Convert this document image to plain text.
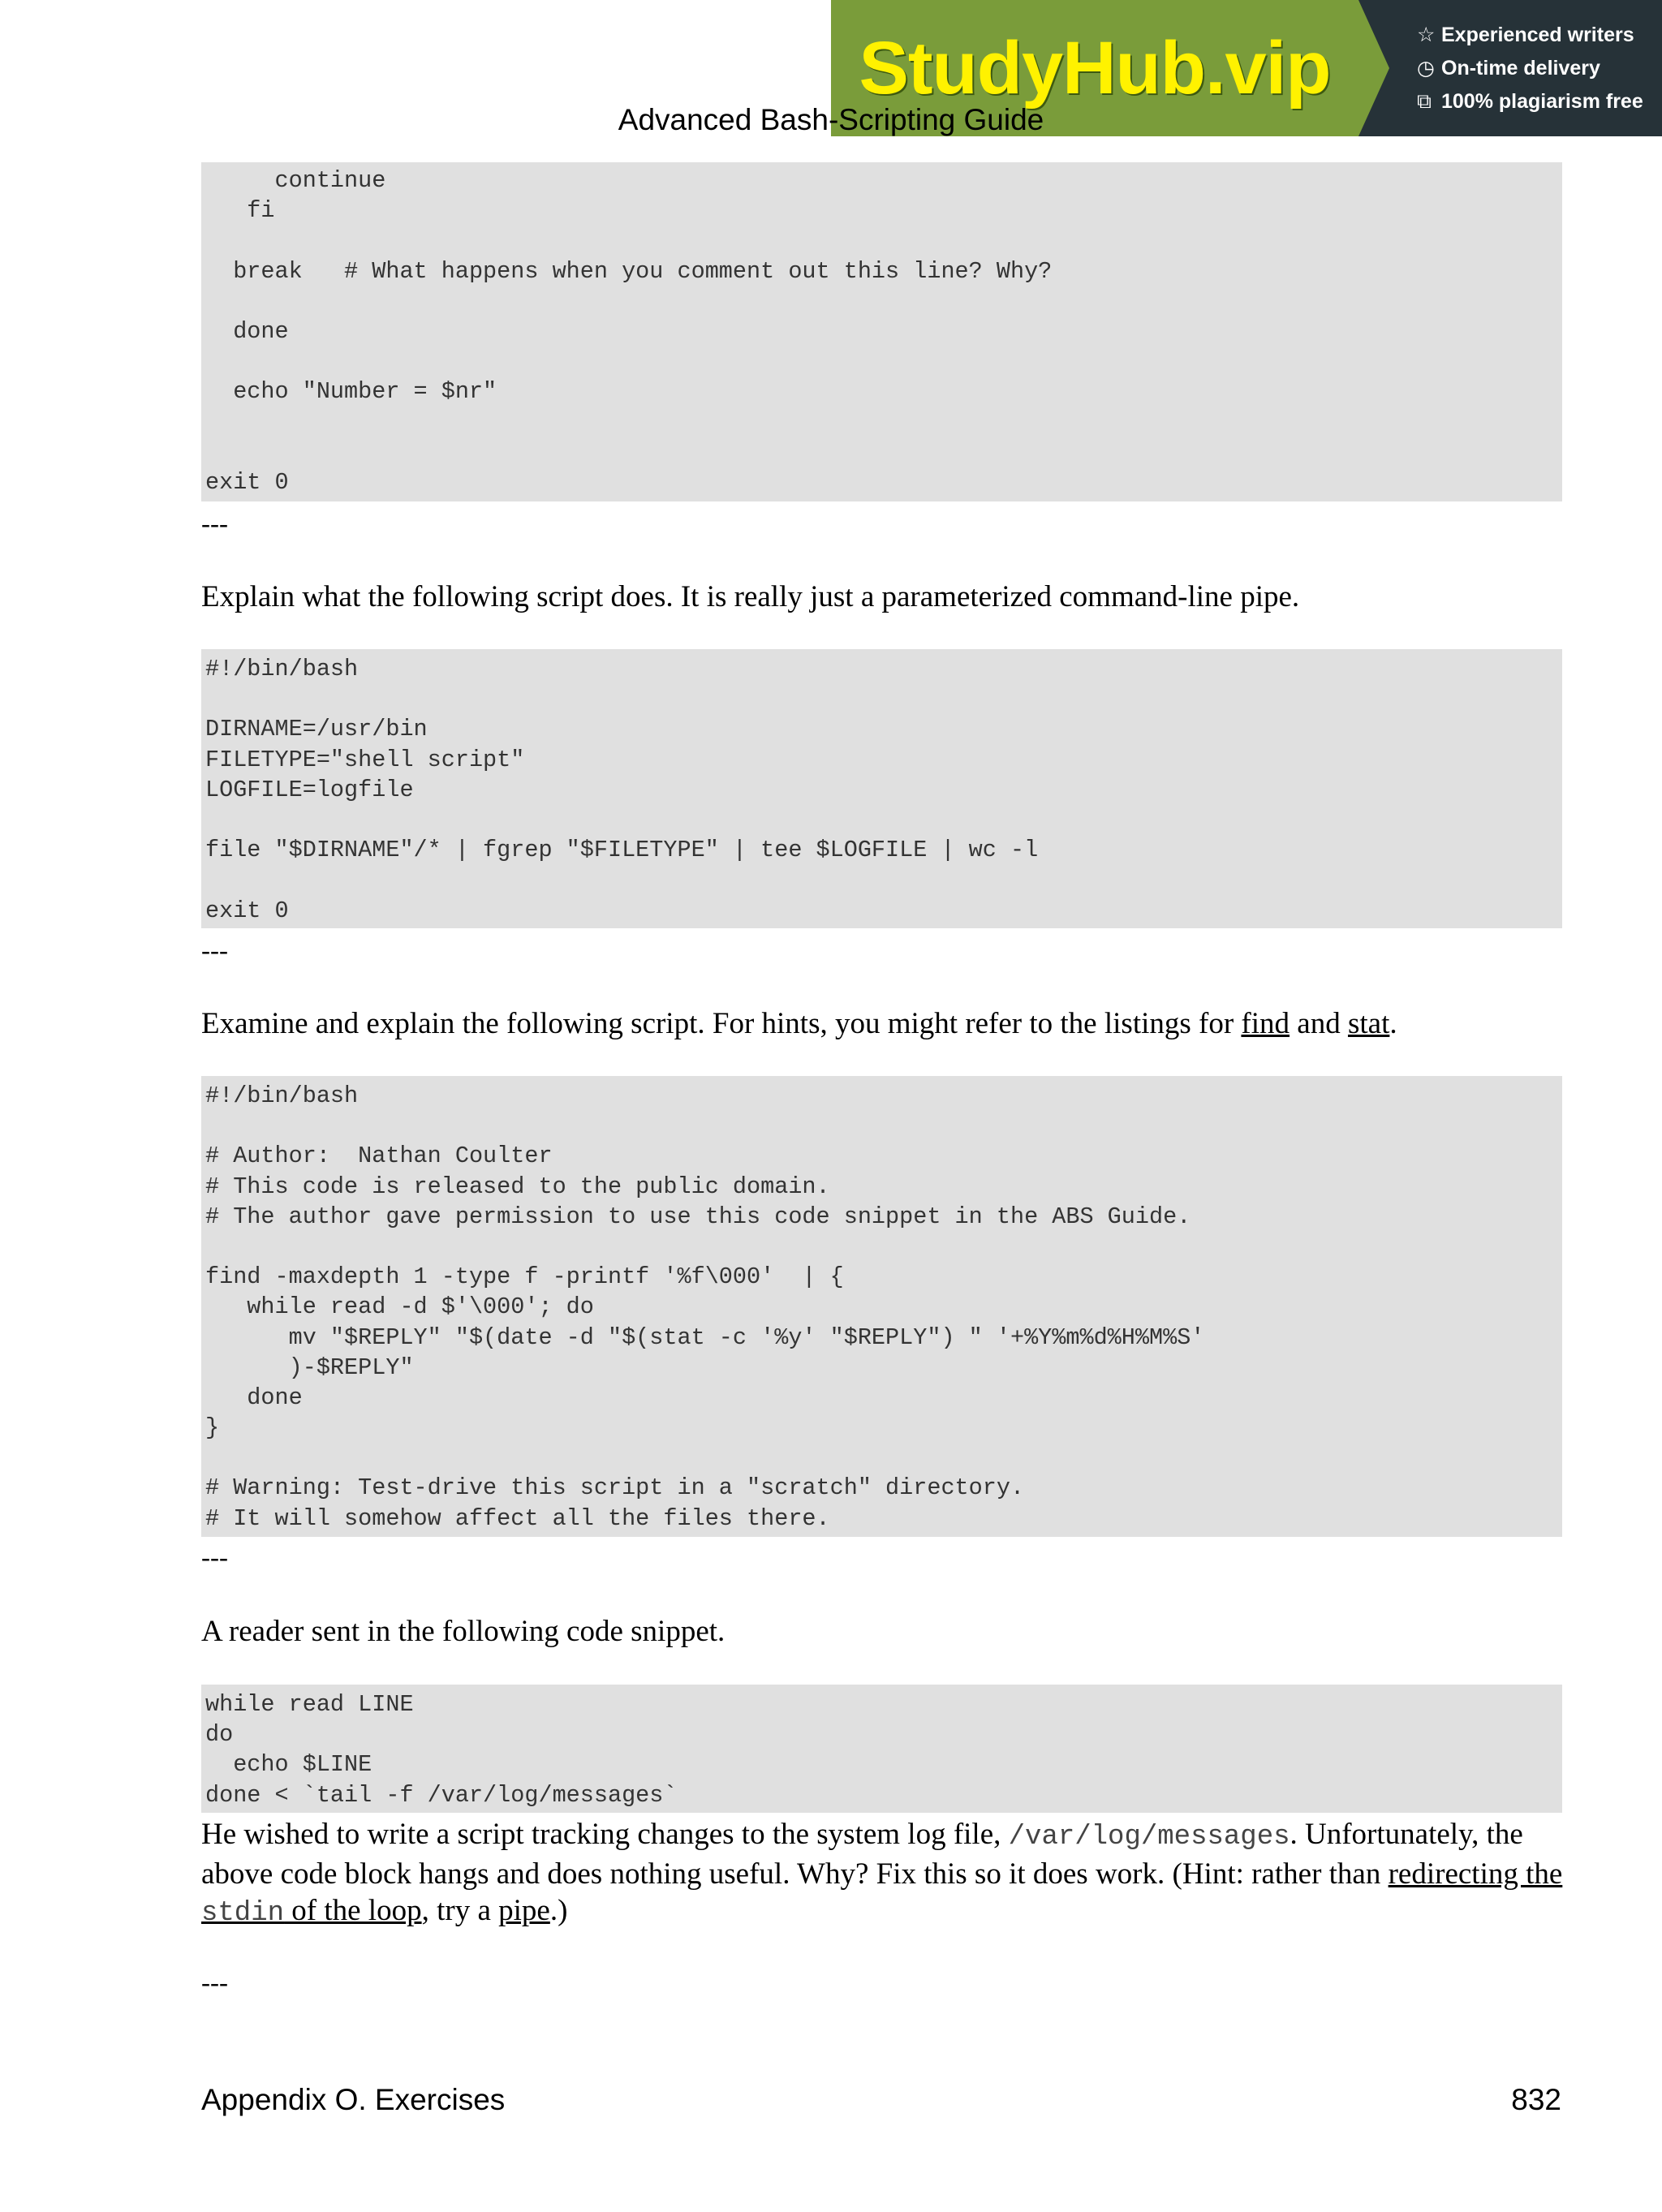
StudyHub.vip	☆ Experienced writers
◷ On-time delivery
⧉ 100% plagiarism free
Advanced Bash-Scripting Guide
continue
fi
break   # What happens when you comment out this line? Why?
done
echo "Number = $nr"
exit 0
---
Explain what the following script does. It is really just a parameterized command-line pipe.
#!/bin/bash
DIRNAME=/usr/bin
FILETYPE="shell script"
LOGFILE=logfile
file "$DIRNAME"/* | fgrep "$FILETYPE" | tee $LOGFILE | wc -l
exit 0
---
Examine and explain the following script. For hints, you might refer to the listings for find and stat.
#!/bin/bash
# Author:  Nathan Coulter
# This code is released to the public domain.
# The author gave permission to use this code snippet in the ABS Guide.
find -maxdepth 1 -type f -printf '%f\000'  | {
while read -d $'\000'; do
mv "$REPLY" "$(date -d "$(stat -c '%y' "$REPLY") " '+%Y%m%d%H%M%S'
)-$REPLY"
done
}
# Warning: Test-drive this script in a "scratch" directory.
# It will somehow affect all the files there.
---
A reader sent in the following code snippet.
while read LINE
do
echo $LINE
done < `tail -f /var/log/messages`
He wished to write a script tracking changes to the system log file, /var/log/messages. Unfortunately, the above code block hangs and does nothing useful. Why? Fix this so it does work. (Hint: rather than redirecting the stdin of the loop, try a pipe.)
---
Appendix O. Exercises	832
